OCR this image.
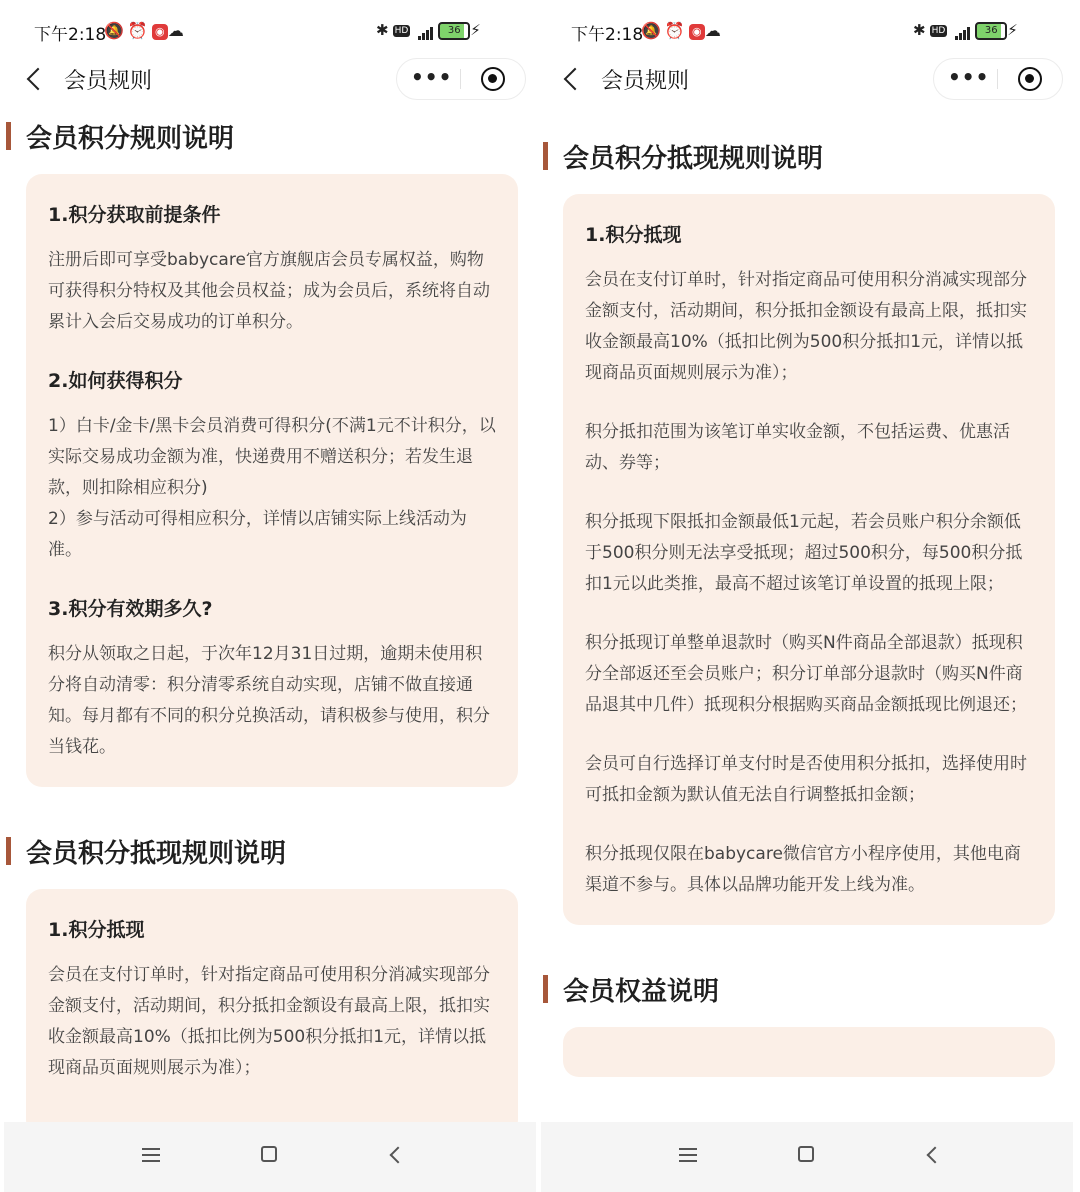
下午2:18
🔕⏰ ◉ ☁	✱ HD	36 ⚡
会员规则	•••
会员积分规则说明
1.积分获取前提条件

注册后即可享受babycare官方旗舰店会员专属权益，购物可获得积分特权及其他会员权益；成为会员后，系统将自动累计入会后交易成功的订单积分。

2.如何获得积分

1）白卡/金卡/黑卡会员消费可得积分(不满1元不计积分，以实际交易成功金额为准，快递费用不赠送积分；若发生退款，则扣除相应积分)

2）参与活动可得相应积分，详情以店铺实际上线活动为准。

3.积分有效期多久?

积分从领取之日起，于次年12月31日过期，逾期未使用积分将自动清零：积分清零系统自动实现，店铺不做直接通知。每月都有不同的积分兑换活动，请积极参与使用，积分当钱花。

会员积分抵现规则说明
1.积分抵现

会员在支付订单时，针对指定商品可使用积分消减实现部分金额支付，活动期间，积分抵扣金额设有最高上限，抵扣实收金额最高10%（抵扣比例为500积分抵扣1元，详情以抵现商品页面规则展示为准）；

下午2:18
🔕⏰ ◉ ☁	✱ HD	36 ⚡
会员规则	•••
会员积分抵现规则说明
1.积分抵现

会员在支付订单时，针对指定商品可使用积分消减实现部分金额支付，活动期间，积分抵扣金额设有最高上限，抵扣实收金额最高10%（抵扣比例为500积分抵扣1元，详情以抵现商品页面规则展示为准）；

积分抵扣范围为该笔订单实收金额，不包括运费、优惠活动、券等；

积分抵现下限抵扣金额最低1元起，若会员账户积分余额低于500积分则无法享受抵现；超过500积分，每500积分抵扣1元以此类推，最高不超过该笔订单设置的抵现上限；

积分抵现订单整单退款时（购买N件商品全部退款）抵现积分全部返还至会员账户；积分订单部分退款时（购买N件商品退其中几件）抵现积分根据购买商品金额抵现比例退还；

会员可自行选择订单支付时是否使用积分抵扣，选择使用时可抵扣金额为默认值无法自行调整抵扣金额；

积分抵现仅限在babycare微信官方小程序使用，其他电商渠道不参与。具体以品牌功能开发上线为准。

会员权益说明
